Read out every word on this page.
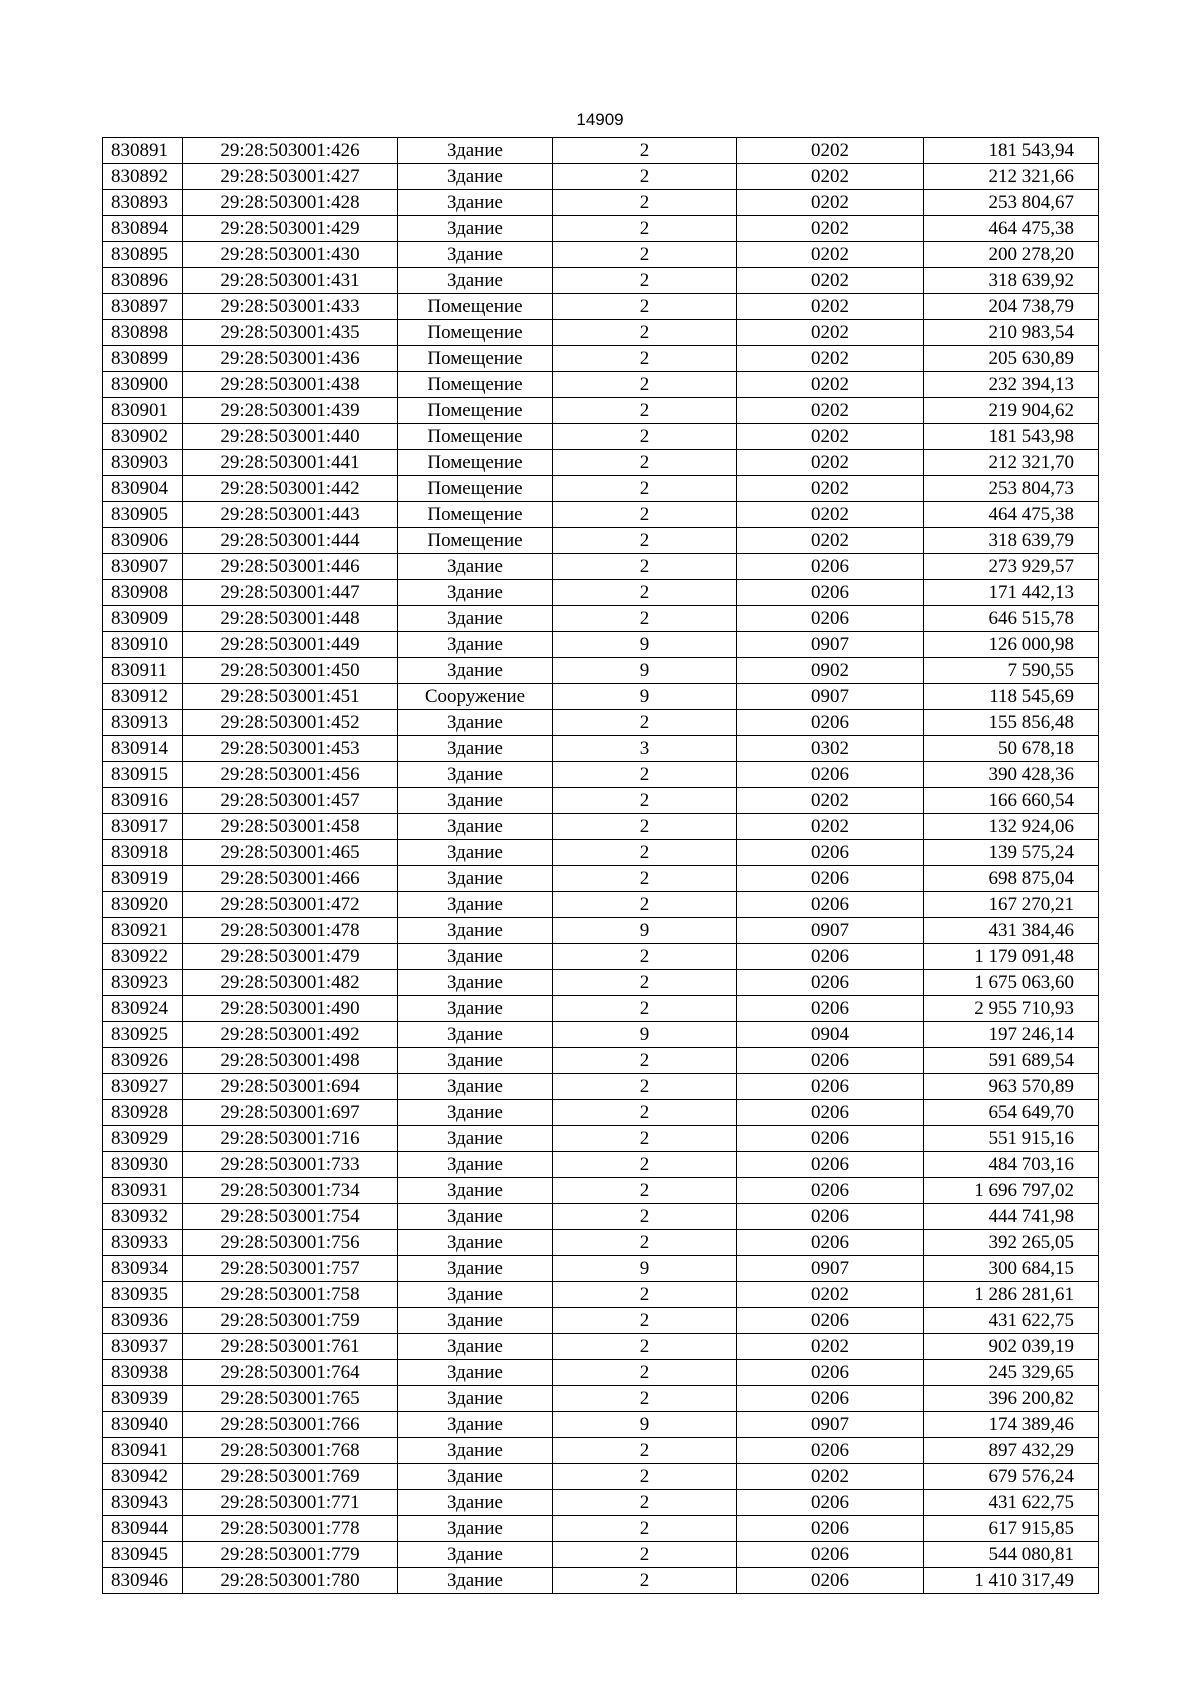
14909
830891	29:28:503001:426	Здание	2	0202	181 543,94
830892	29:28:503001:427	Здание	2	0202	212 321,66
830893	29:28:503001:428	Здание	2	0202	253 804,67
830894	29:28:503001:429	Здание	2	0202	464 475,38
830895	29:28:503001:430	Здание	2	0202	200 278,20
830896	29:28:503001:431	Здание	2	0202	318 639,92
830897	29:28:503001:433	Помещение	2	0202	204 738,79
830898	29:28:503001:435	Помещение	2	0202	210 983,54
830899	29:28:503001:436	Помещение	2	0202	205 630,89
830900	29:28:503001:438	Помещение	2	0202	232 394,13
830901	29:28:503001:439	Помещение	2	0202	219 904,62
830902	29:28:503001:440	Помещение	2	0202	181 543,98
830903	29:28:503001:441	Помещение	2	0202	212 321,70
830904	29:28:503001:442	Помещение	2	0202	253 804,73
830905	29:28:503001:443	Помещение	2	0202	464 475,38
830906	29:28:503001:444	Помещение	2	0202	318 639,79
830907	29:28:503001:446	Здание	2	0206	273 929,57
830908	29:28:503001:447	Здание	2	0206	171 442,13
830909	29:28:503001:448	Здание	2	0206	646 515,78
830910	29:28:503001:449	Здание	9	0907	126 000,98
830911	29:28:503001:450	Здание	9	0902	7 590,55
830912	29:28:503001:451	Сооружение	9	0907	118 545,69
830913	29:28:503001:452	Здание	2	0206	155 856,48
830914	29:28:503001:453	Здание	3	0302	50 678,18
830915	29:28:503001:456	Здание	2	0206	390 428,36
830916	29:28:503001:457	Здание	2	0202	166 660,54
830917	29:28:503001:458	Здание	2	0202	132 924,06
830918	29:28:503001:465	Здание	2	0206	139 575,24
830919	29:28:503001:466	Здание	2	0206	698 875,04
830920	29:28:503001:472	Здание	2	0206	167 270,21
830921	29:28:503001:478	Здание	9	0907	431 384,46
830922	29:28:503001:479	Здание	2	0206	1 179 091,48
830923	29:28:503001:482	Здание	2	0206	1 675 063,60
830924	29:28:503001:490	Здание	2	0206	2 955 710,93
830925	29:28:503001:492	Здание	9	0904	197 246,14
830926	29:28:503001:498	Здание	2	0206	591 689,54
830927	29:28:503001:694	Здание	2	0206	963 570,89
830928	29:28:503001:697	Здание	2	0206	654 649,70
830929	29:28:503001:716	Здание	2	0206	551 915,16
830930	29:28:503001:733	Здание	2	0206	484 703,16
830931	29:28:503001:734	Здание	2	0206	1 696 797,02
830932	29:28:503001:754	Здание	2	0206	444 741,98
830933	29:28:503001:756	Здание	2	0206	392 265,05
830934	29:28:503001:757	Здание	9	0907	300 684,15
830935	29:28:503001:758	Здание	2	0202	1 286 281,61
830936	29:28:503001:759	Здание	2	0206	431 622,75
830937	29:28:503001:761	Здание	2	0202	902 039,19
830938	29:28:503001:764	Здание	2	0206	245 329,65
830939	29:28:503001:765	Здание	2	0206	396 200,82
830940	29:28:503001:766	Здание	9	0907	174 389,46
830941	29:28:503001:768	Здание	2	0206	897 432,29
830942	29:28:503001:769	Здание	2	0202	679 576,24
830943	29:28:503001:771	Здание	2	0206	431 622,75
830944	29:28:503001:778	Здание	2	0206	617 915,85
830945	29:28:503001:779	Здание	2	0206	544 080,81
830946	29:28:503001:780	Здание	2	0206	1 410 317,49
